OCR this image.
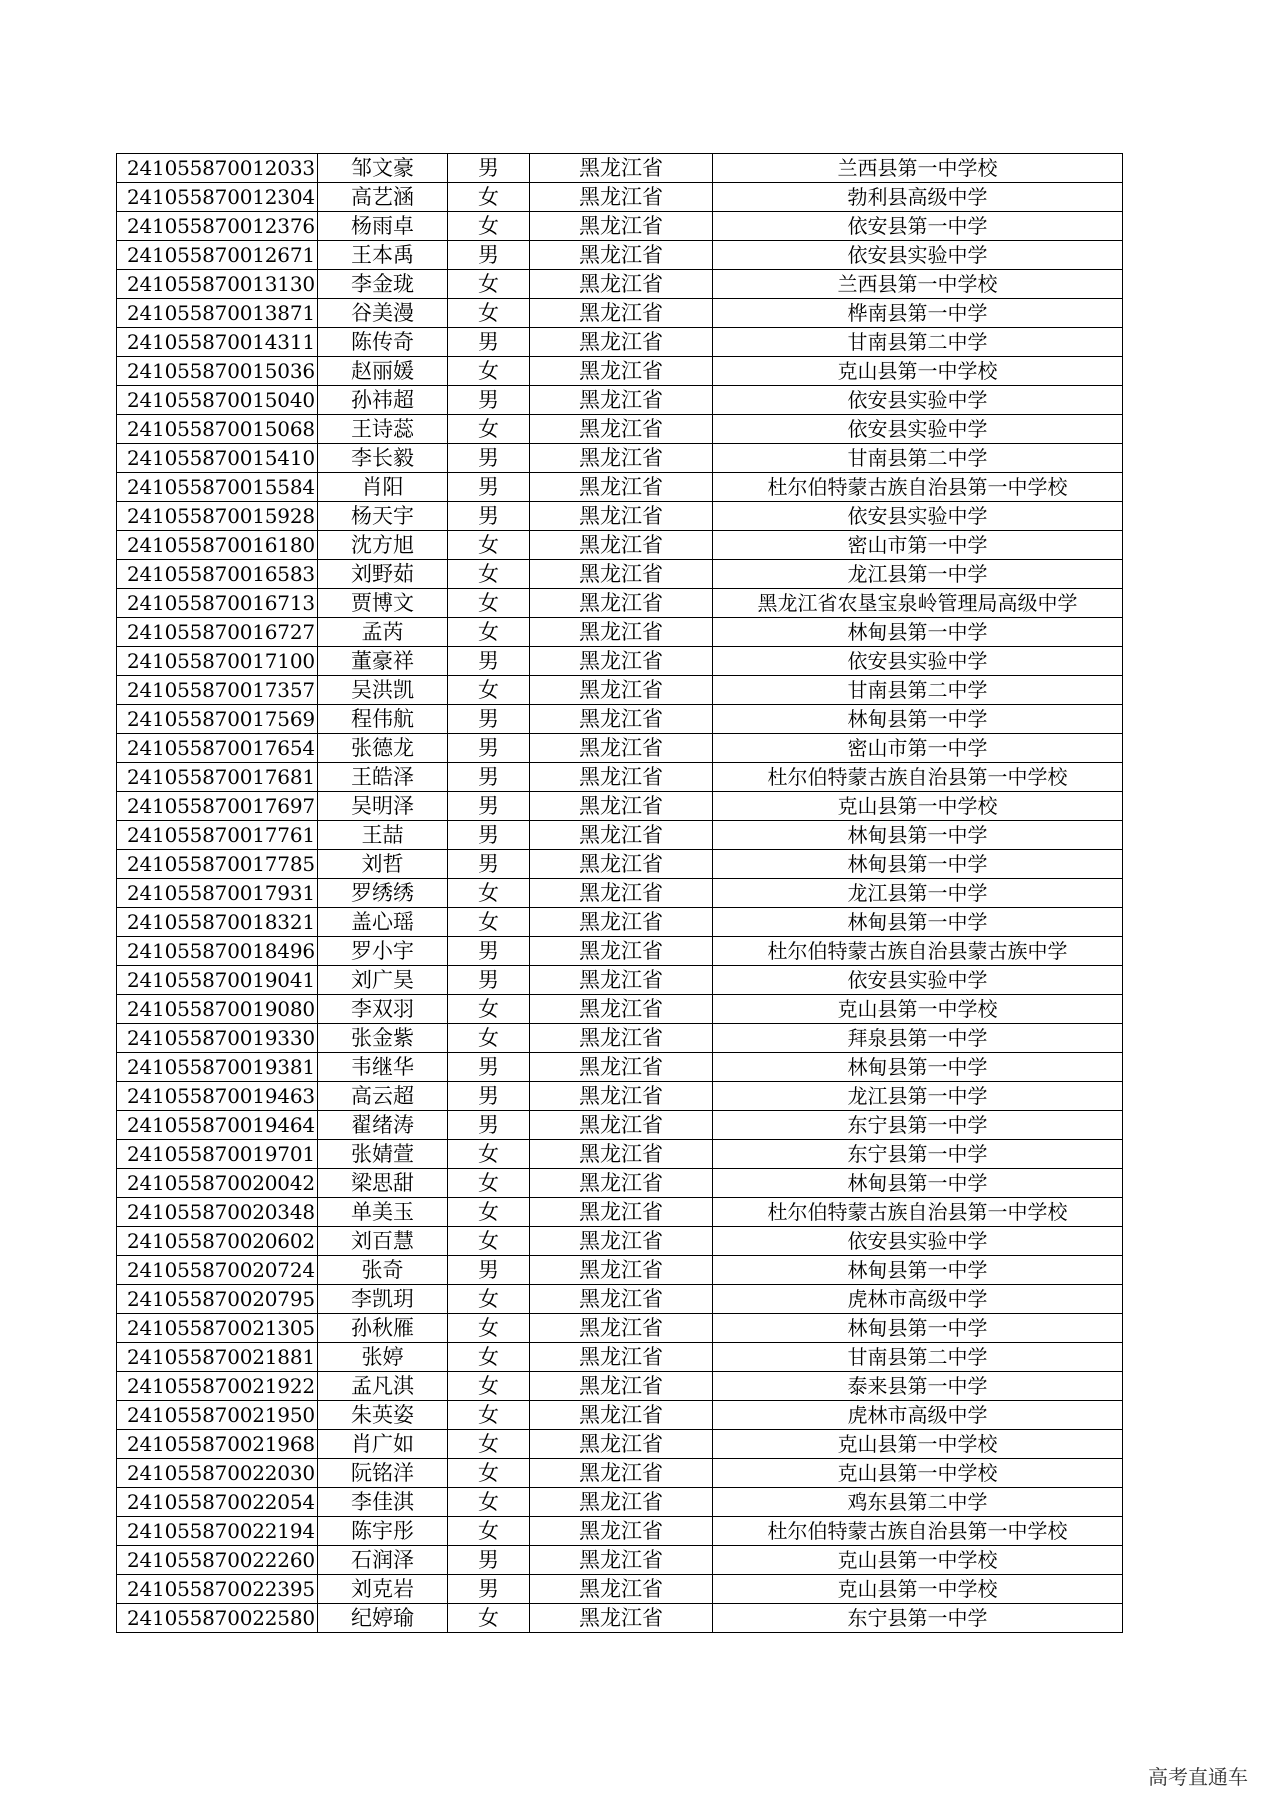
241055870012033	邹文豪	男	黑龙江省	兰西县第一中学校
241055870012304	高艺涵	女	黑龙江省	勃利县高级中学
241055870012376	杨雨卓	女	黑龙江省	依安县第一中学
241055870012671	王本禹	男	黑龙江省	依安县实验中学
241055870013130	李金珑	女	黑龙江省	兰西县第一中学校
241055870013871	谷美漫	女	黑龙江省	桦南县第一中学
241055870014311	陈传奇	男	黑龙江省	甘南县第二中学
241055870015036	赵丽媛	女	黑龙江省	克山县第一中学校
241055870015040	孙祎超	男	黑龙江省	依安县实验中学
241055870015068	王诗蕊	女	黑龙江省	依安县实验中学
241055870015410	李长毅	男	黑龙江省	甘南县第二中学
241055870015584	肖阳	男	黑龙江省	杜尔伯特蒙古族自治县第一中学校
241055870015928	杨天宇	男	黑龙江省	依安县实验中学
241055870016180	沈方旭	女	黑龙江省	密山市第一中学
241055870016583	刘野茹	女	黑龙江省	龙江县第一中学
241055870016713	贾博文	女	黑龙江省	黑龙江省农垦宝泉岭管理局高级中学
241055870016727	孟芮	女	黑龙江省	林甸县第一中学
241055870017100	董豪祥	男	黑龙江省	依安县实验中学
241055870017357	吴洪凯	女	黑龙江省	甘南县第二中学
241055870017569	程伟航	男	黑龙江省	林甸县第一中学
241055870017654	张德龙	男	黑龙江省	密山市第一中学
241055870017681	王皓泽	男	黑龙江省	杜尔伯特蒙古族自治县第一中学校
241055870017697	吴明泽	男	黑龙江省	克山县第一中学校
241055870017761	王喆	男	黑龙江省	林甸县第一中学
241055870017785	刘哲	男	黑龙江省	林甸县第一中学
241055870017931	罗绣绣	女	黑龙江省	龙江县第一中学
241055870018321	盖心瑶	女	黑龙江省	林甸县第一中学
241055870018496	罗小宇	男	黑龙江省	杜尔伯特蒙古族自治县蒙古族中学
241055870019041	刘广昊	男	黑龙江省	依安县实验中学
241055870019080	李双羽	女	黑龙江省	克山县第一中学校
241055870019330	张金紫	女	黑龙江省	拜泉县第一中学
241055870019381	韦继华	男	黑龙江省	林甸县第一中学
241055870019463	高云超	男	黑龙江省	龙江县第一中学
241055870019464	翟绪涛	男	黑龙江省	东宁县第一中学
241055870019701	张婧萱	女	黑龙江省	东宁县第一中学
241055870020042	梁思甜	女	黑龙江省	林甸县第一中学
241055870020348	单美玉	女	黑龙江省	杜尔伯特蒙古族自治县第一中学校
241055870020602	刘百慧	女	黑龙江省	依安县实验中学
241055870020724	张奇	男	黑龙江省	林甸县第一中学
241055870020795	李凯玥	女	黑龙江省	虎林市高级中学
241055870021305	孙秋雁	女	黑龙江省	林甸县第一中学
241055870021881	张婷	女	黑龙江省	甘南县第二中学
241055870021922	孟凡淇	女	黑龙江省	泰来县第一中学
241055870021950	朱英姿	女	黑龙江省	虎林市高级中学
241055870021968	肖广如	女	黑龙江省	克山县第一中学校
241055870022030	阮铭洋	女	黑龙江省	克山县第一中学校
241055870022054	李佳淇	女	黑龙江省	鸡东县第二中学
241055870022194	陈宇彤	女	黑龙江省	杜尔伯特蒙古族自治县第一中学校
241055870022260	石润泽	男	黑龙江省	克山县第一中学校
241055870022395	刘克岩	男	黑龙江省	克山县第一中学校
241055870022580	纪婷瑜	女	黑龙江省	东宁县第一中学
高考直通车
